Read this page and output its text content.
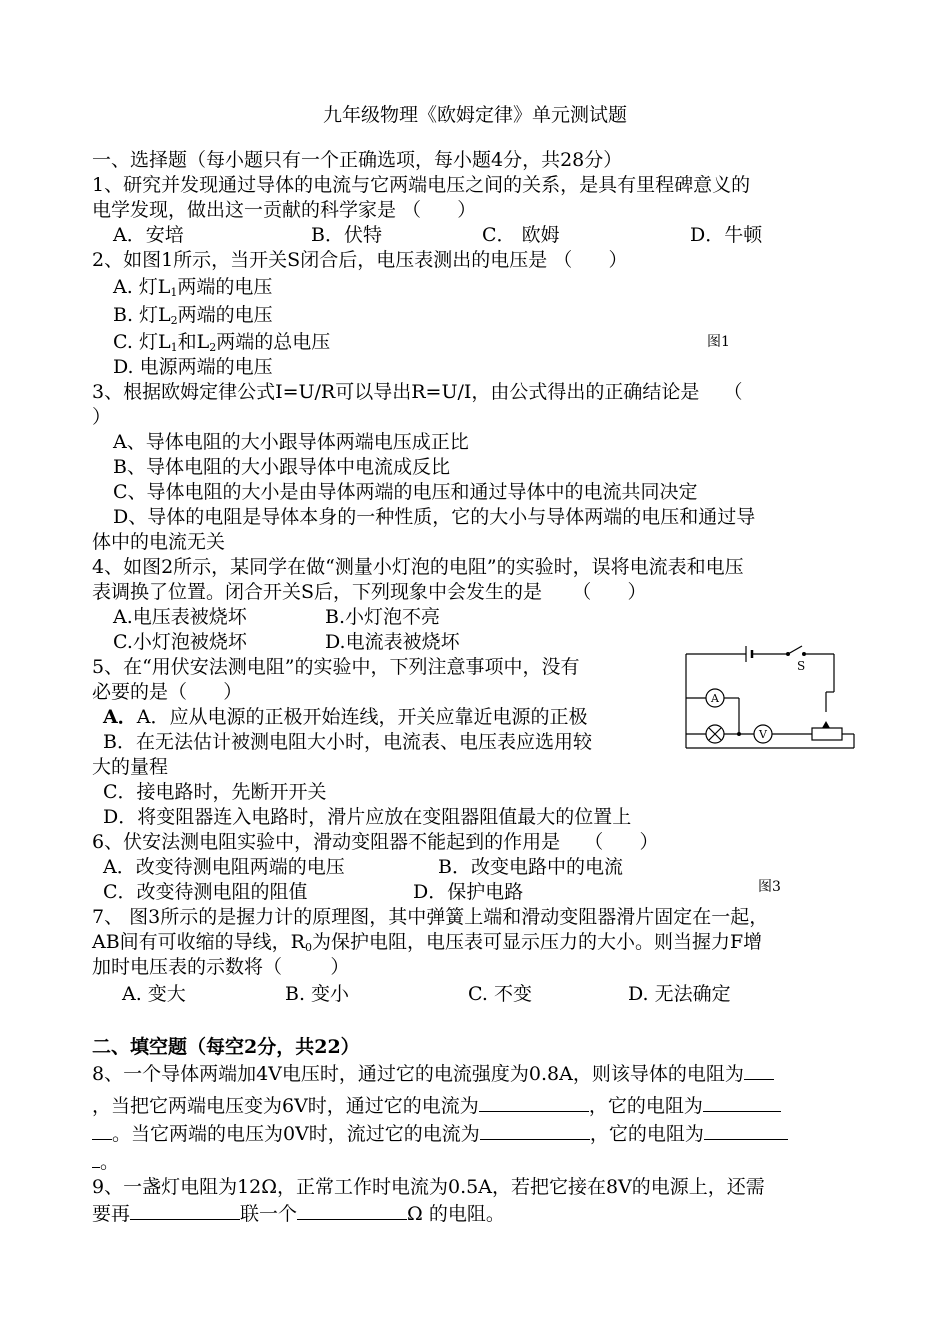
九年级物理《欧姆定律》单元测试题
一、选择题（每小题只有一个正确选项，每小题4分，共28分）
1、研究并发现通过导体的电流与它两端电压之间的关系，是具有里程碑意义的
电学发现，做出这一贡献的科学家是 （      ）
A．安培	B．伏特	C． 欧姆	D．牛顿
2、如图1所示，当开关S闭合后，电压表测出的电压是 （      ）
A. 灯$L_1$两端的电压
B. 灯$L_2$两端的电压
C. 灯$L_1$和$L_2$两端的总电压	图1
D. 电源两端的电压
3、根据欧姆定律公式I=U/R可以导出R=U/I，由公式得出的正确结论是    （
）
A、导体电阻的大小跟导体两端电压成正比
B、导体电阻的大小跟导体中电流成反比
C、导体电阻的大小是由导体两端的电压和通过导体中的电流共同决定
D、导体的电阻是导体本身的一种性质，它的大小与导体两端的电压和通过导
体中的电流无关
4、如图2所示，某同学在做“测量小灯泡的电阻”的实验时，误将电流表和电压
表调换了位置。闭合开关S后，下列现象中会发生的是     （      ）
A.电压表被烧坏	B.小灯泡不亮
C.小灯泡被烧坏	D.电流表被烧坏
5、在“用伏安法测电阻”的实验中，下列注意事项中，没有
必要的是（      ）
A．A．应从电源的正极开始连线，开关应靠近电源的正极
B．在无法估计被测电阻大小时，电流表、电压表应选用较
大的量程
C．接电路时，先断开开关
D．将变阻器连入电路时，滑片应放在变阻器阻值最大的位置上
6、伏安法测电阻实验中，滑动变阻器不能起到的作用是    （      ）
A．改变待测电阻两端的电压	B．改变电路中的电流
C．改变待测电阻的阻值	D．保护电路	图3
7、 图3所示的是握力计的原理图，其中弹簧上端和滑动变阻器滑片固定在一起，
AB间有可收缩的导线，$R_0$为保护电阻，电压表可显示压力的大小。则当握力F增
加时电压表的示数将（        ）
A. 变大	B. 变小	C. 不变	D. 无法确定
二、填空题（每空2分，共22）
8、一个导体两端加4V电压时，通过它的电流强度为0.8A，则该导体的电阻为
，当把它两端电压变为6V时，通过它的电流为	，它的电阻为
。当它两端的电压为0V时，流过它的电流为	，它的电阻为
。
9、一盏灯电阻为12Ω，正常工作时电流为0.5A，若把它接在8V的电源上，还需
要再	联一个	Ω 的电阻。
S
A
V
